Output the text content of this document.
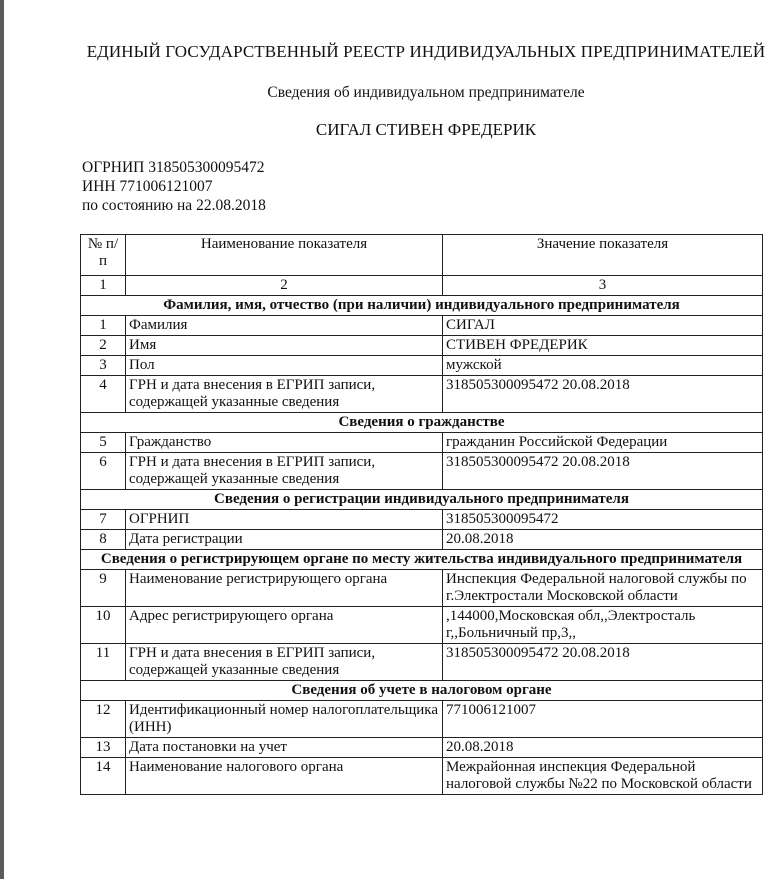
ЕДИНЫЙ ГОСУДАРСТВЕННЫЙ РЕЕСТР ИНДИВИДУАЛЬНЫХ ПРЕДПРИНИМАТЕЛЕЙ
Сведения об индивидуальном предпринимателе
СИГАЛ СТИВЕН ФРЕДЕРИК
ОГРНИП 318505300095472
ИНН 771006121007
по состоянию на 22.08.2018
№ п/п	Наименование показателя	Значение показателя
1	2	3
Фамилия, имя, отчество (при наличии) индивидуального предпринимателя		
1	Фамилия	СИГАЛ
2	Имя	СТИВЕН ФРЕДЕРИК
3	Пол	мужской
4	ГРН и дата внесения в ЕГРИП записи, содержащей указанные сведения	318505300095472 20.08.2018
Сведения о гражданстве		
5	Гражданство	гражданин Российской Федерации
6	ГРН и дата внесения в ЕГРИП записи, содержащей указанные сведения	318505300095472 20.08.2018
Сведения о регистрации индивидуального предпринимателя		
7	ОГРНИП	318505300095472
8	Дата регистрации	20.08.2018
Сведения о регистрирующем органе по месту жительства индивидуального предпринимателя		
9	Наименование регистрирующего органа	Инспекция Федеральной налоговой службы по г.Электростали Московской области
10	Адрес регистрирующего органа	,144000,Московская обл,,Электросталь г,,Больничный пр,3,,
11	ГРН и дата внесения в ЕГРИП записи, содержащей указанные сведения	318505300095472 20.08.2018
Сведения об учете в налоговом органе		
12	Идентификационный номер налогоплательщика (ИНН)	771006121007
13	Дата постановки на учет	20.08.2018
14	Наименование налогового органа	Межрайонная инспекция Федеральной налоговой службы №22 по Московской области
